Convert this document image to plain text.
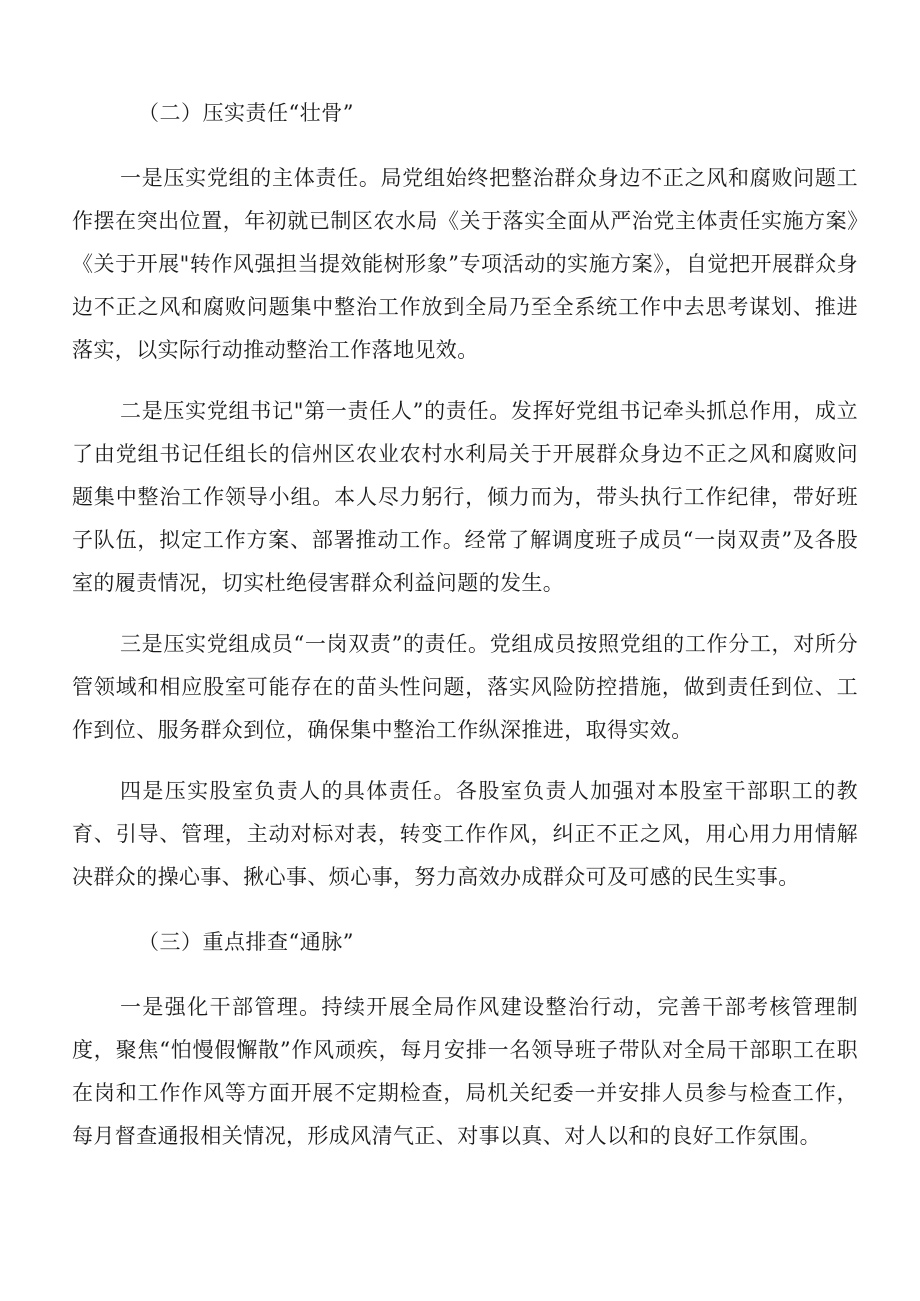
（二）压实责任“壮骨”

一是压实党组的主体责任。局党组始终把整治群众身边不正之风和腐败问题工作摆在突出位置，年初就已制区农水局《关于落实全面从严治党主体责任实施方案》《关于开展"转作风强担当提效能树形象”专项活动的实施方案》，自觉把开展群众身边不正之风和腐败问题集中整治工作放到全局乃至全系统工作中去思考谋划、推进落实，以实际行动推动整治工作落地见效。

二是压实党组书记"第一责任人”的责任。发挥好党组书记牵头抓总作用，成立了由党组书记任组长的信州区农业农村水利局关于开展群众身边不正之风和腐败问题集中整治工作领导小组。本人尽力躬行，倾力而为，带头执行工作纪律，带好班子队伍，拟定工作方案、部署推动工作。经常了解调度班子成员“一岗双责”及各股室的履责情况，切实杜绝侵害群众利益问题的发生。

三是压实党组成员“一岗双责”的责任。党组成员按照党组的工作分工，对所分管领域和相应股室可能存在的苗头性问题，落实风险防控措施，做到责任到位、工作到位、服务群众到位，确保集中整治工作纵深推进，取得实效。

四是压实股室负责人的具体责任。各股室负责人加强对本股室干部职工的教育、引导、管理，主动对标对表，转变工作作风，纠正不正之风，用心用力用情解决群众的操心事、揪心事、烦心事，努力高效办成群众可及可感的民生实事。

（三）重点排查“通脉”

一是强化干部管理。持续开展全局作风建设整治行动，完善干部考核管理制度，聚焦“怕慢假懈散”作风顽疾，每月安排一名领导班子带队对全局干部职工在职在岗和工作作风等方面开展不定期检查，局机关纪委一并安排人员参与检查工作，每月督查通报相关情况，形成风清气正、对事以真、对人以和的良好工作氛围。
